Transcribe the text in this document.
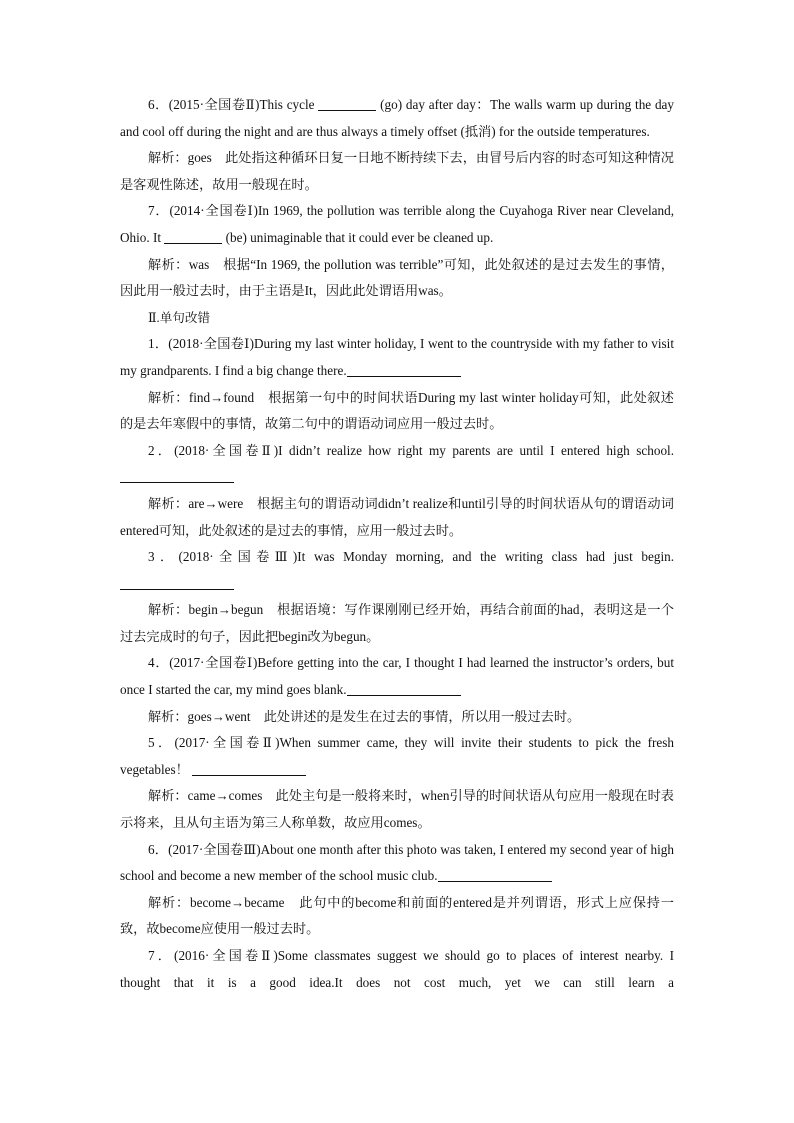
6．(2015·全国卷Ⅱ)This cycle	(go) day after day：The walls warm up during the day and cool off during the night and are thus always a timely offset (抵消) for the outside temperatures.

解析：goes　此处指这种循环日复一日地不断持续下去，由冒号后内容的时态可知这种情况是客观性陈述，故用一般现在时。

7．(2014·全国卷Ⅰ)In 1969, the pollution was terrible along the Cuyahoga River near Cleveland, Ohio. It	(be) unimaginable that it could ever be cleaned up.

解析：was　根据“In 1969, the pollution was terrible”可知，此处叙述的是过去发生的事情，因此用一般过去时，由于主语是It，因此此处谓语用was。

Ⅱ.单句改错

1．(2018·全国卷Ⅰ)During my last winter holiday, I went to the countryside with my father to visit my grandparents. I find a big change there.

解析：find→found　根据第一句中的时间状语During my last winter holiday可知，此处叙述的是去年寒假中的事情，故第二句中的谓语动词应用一般过去时。

2．(2018·全国卷Ⅱ)I didn’t realize how right my parents are until I entered high school.

解析：are→were　根据主句的谓语动词didn’t realize和until引导的时间状语从句的谓语动词entered可知，此处叙述的是过去的事情，应用一般过去时。

3．(2018·全国卷Ⅲ)It was Monday morning, and the writing class had just begin.

解析：begin→begun　根据语境：写作课刚刚已经开始，再结合前面的had，表明这是一个过去完成时的句子，因此把begin改为begun。

4．(2017·全国卷Ⅰ)Before getting into the car, I thought I had learned the instructor’s orders, but once I started the car, my mind goes blank.

解析：goes→went　此处讲述的是发生在过去的事情，所以用一般过去时。

5．(2017·全国卷Ⅱ)When summer came, they will invite their students to pick the fresh vegetables！

解析：came→comes　此处主句是一般将来时，when引导的时间状语从句应用一般现在时表示将来，且从句主语为第三人称单数，故应用comes。

6．(2017·全国卷Ⅲ)About one month after this photo was taken, I entered my second year of high school and become a new member of the school music club.

解析：become→became　此句中的become和前面的entered是并列谓语，形式上应保持一致，故become应使用一般过去时。

7．(2016·全国卷Ⅱ)Some classmates suggest we should go to places of interest nearby. I

thought that it is a good idea.It does not cost much, yet we can still learn a
